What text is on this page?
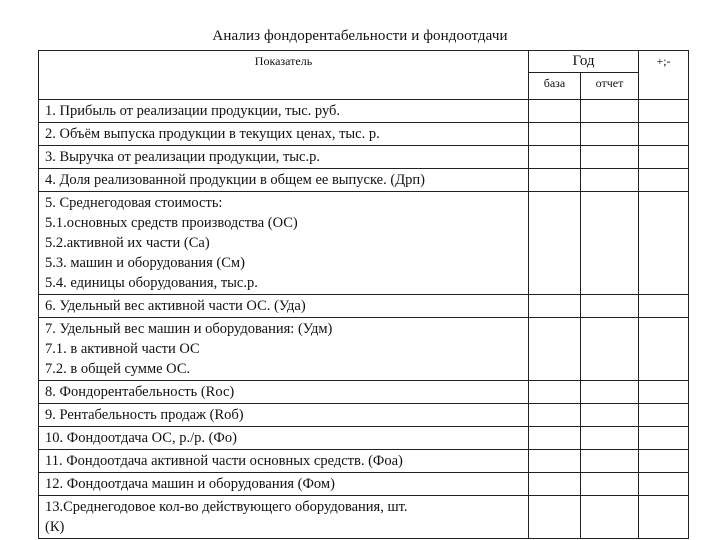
Анализ фондорентабельности и фондоотдачи
Показатель	Год		+;-
	база	отчет	

1. Прибыль от реализации продукции, тыс. руб.			

2. Объём выпуска продукции в текущих ценах, тыс. р.			

3. Выручка от реализации продукции, тыс.р.			

4. Доля реализованной продукции в общем ее выпуске. (Дрп)			

5. Среднегодовая стоимость:
5.1.основных средств производства (ОС)
5.2.активной их части (Са)
5.3. машин и оборудования (См)
5.4. единицы оборудования, тыс.р.			

6. Удельный вес активной части ОС. (Уда)			

7. Удельный вес машин и оборудования: (Удм)
7.1. в активной части ОС
7.2. в общей сумме ОС.			

8. Фондорентабельность (Rос)			

9. Рентабельность продаж (Rоб)			

10. Фондоотдача ОС, р./р. (Фо)			

11. Фондоотдача активной части основных средств. (Фоа)			

12. Фондоотдача машин и оборудования (Фом)			

13.Среднегодовое кол-во действующего оборудования, шт.
(К)			
